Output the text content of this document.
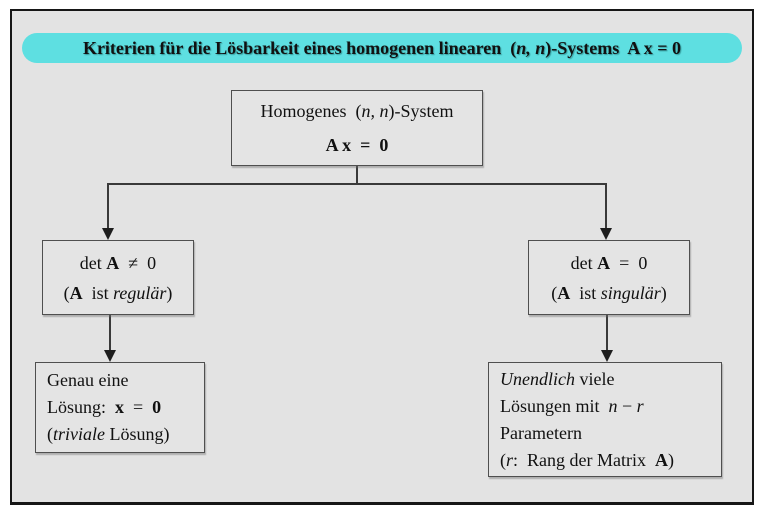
Kriterien für die Lösbarkeit eines homogenen linearen  (n, n)-Systems  A x = 0
Homogenes  (n, n)-System
A x  =  0
det A  ≠  0
(A  ist regulär)
det A  =  0
(A  ist singulär)
Genau eine
Lösung:  x  =  0
(triviale Lösung)
Unendlich viele
Lösungen mit  n − r
Parametern
(r:  Rang der Matrix  A)
